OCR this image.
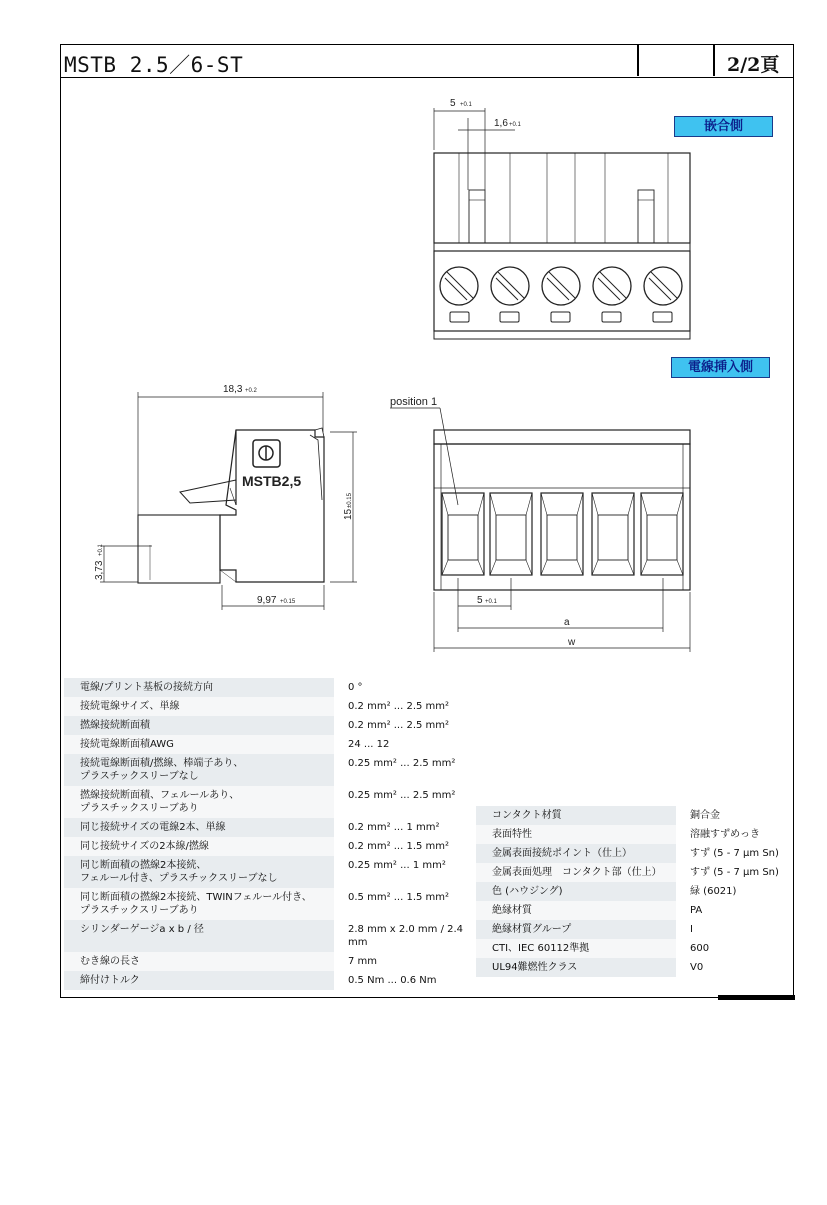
MSTB 2.5／6-ST	2/2頁
嵌合側
電線挿入側
5 +0.1
1,6 +0.1
18,3 +0.2
MSTB2,5
15
±0.15
3,73
+0.1
9,97 +0.15
position 1
5 +0.1
a
w
電線/プリント基板の接続方向	0 °

接続電線サイズ、単線	0.2 mm² ... 2.5 mm²

撚線接続断面積	0.2 mm² ... 2.5 mm²

接続電線断面積AWG	24 ... 12

接続電線断面積/撚線、棒端子あり、
プラスチックスリーブなし	0.25 mm² ... 2.5 mm²

撚線接続断面積、フェルールあり、
プラスチックスリーブあり	0.25 mm² ... 2.5 mm²

同じ接続サイズの電線2本、単線	0.2 mm² ... 1 mm²

同じ接続サイズの2本線/撚線	0.2 mm² ... 1.5 mm²

同じ断面積の撚線2本接続、
フェルール付き、プラスチックスリーブなし	0.25 mm² ... 1 mm²

同じ断面積の撚線2本接続、TWINフェルール付き、
プラスチックスリーブあり	0.5 mm² ... 1.5 mm²

シリンダーゲージa x b / 径	2.8 mm x 2.0 mm / 2.4 mm

むき線の長さ	7 mm

締付けトルク	0.5 Nm ... 0.6 Nm
コンタクト材質	銅合金

表面特性	溶融すずめっき

金属表面接続ポイント（仕上）	すず (5 - 7 µm Sn)

金属表面処理　コンタクト部（仕上）	すず (5 - 7 µm Sn)

色 (ハウジング)	緑 (6021)

絶縁材質	PA

絶縁材質グループ	I

CTI、IEC 60112準拠	600

UL94難燃性クラス	V0
